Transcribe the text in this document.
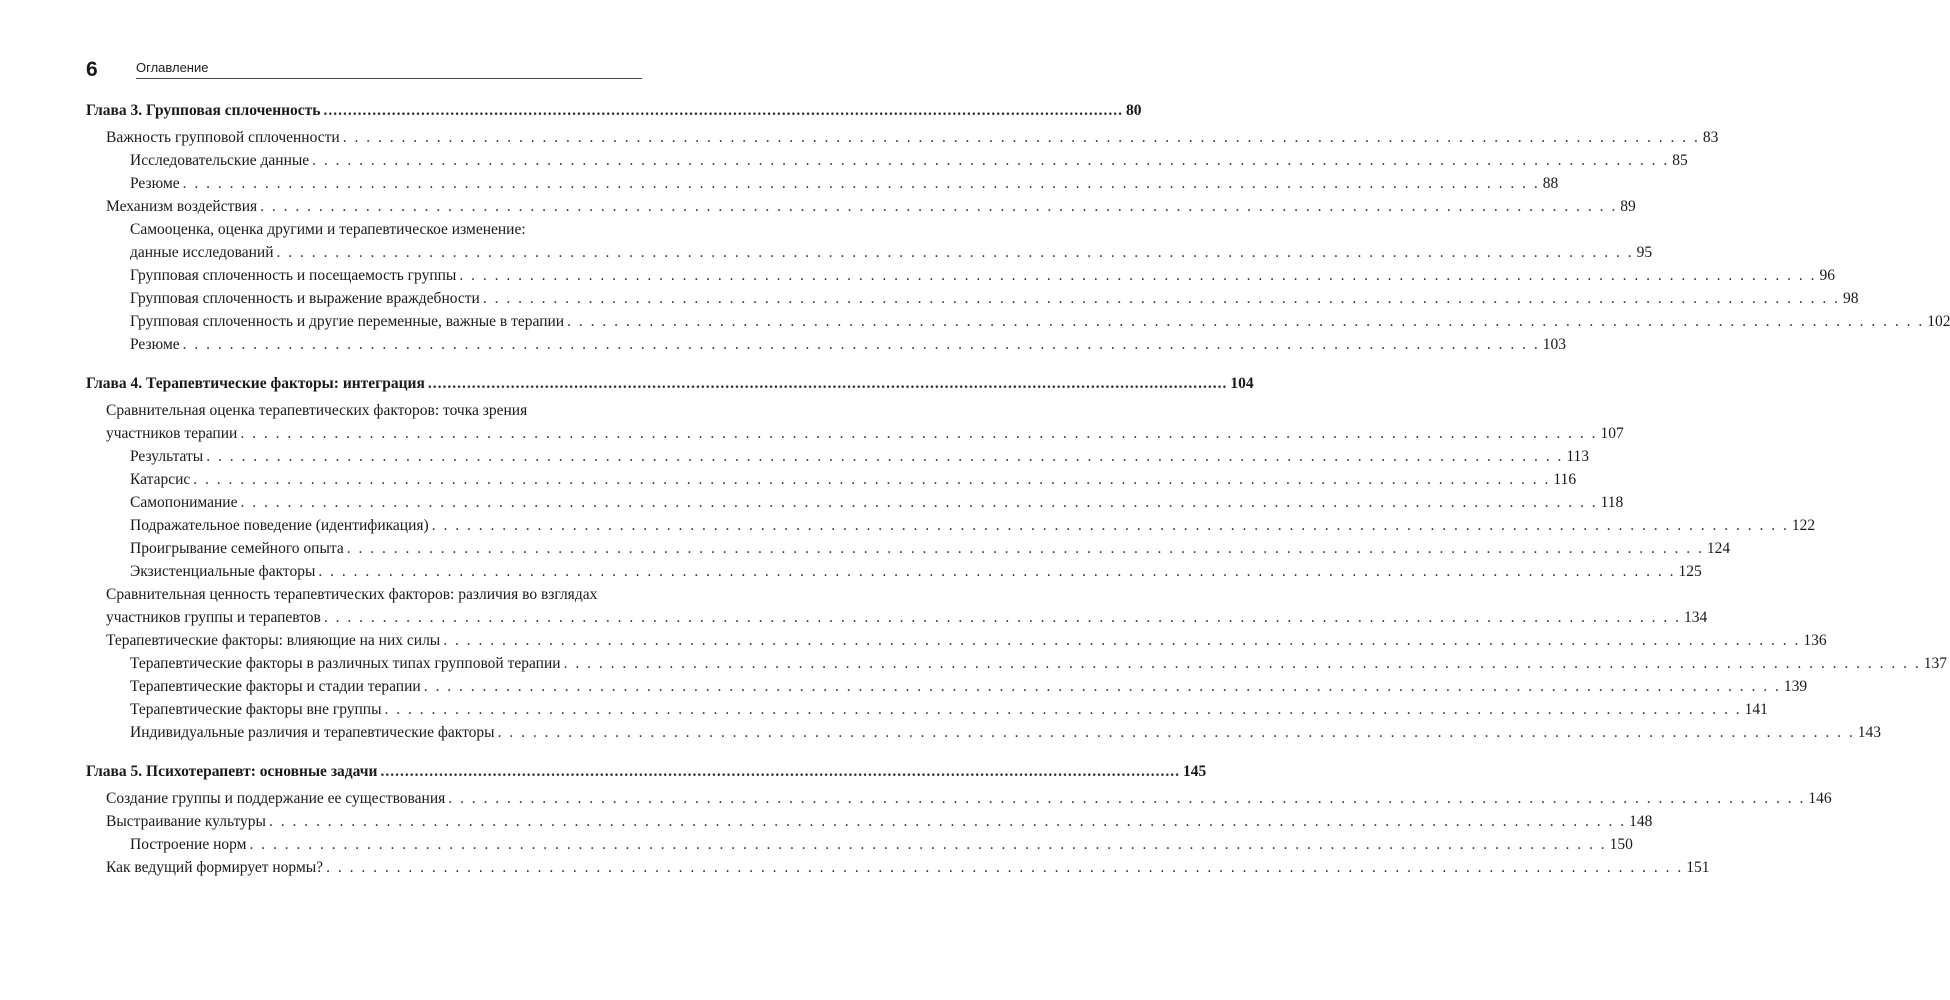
6	Оглавление
Глава 3. Групповая сплоченность .....	80
Важность групповой сплоченности . . .	83
Исследовательские данные . . .	85
Резюме . . .	88
Механизм воздействия . . .	89
Самооценка, оценка другими и терапевтическое изменение:
данные исследований . . .	95
Групповая сплоченность и посещаемость группы . . .	96
Групповая сплоченность и выражение враждебности . . .	98
Групповая сплоченность и другие переменные, важные в терапии . . .	102
Резюме . . .	103
Глава 4. Терапевтические факторы: интеграция .....	104
Сравнительная оценка терапевтических факторов: точка зрения
участников терапии . . .	107
Результаты . . .	113
Катарсис . . .	116
Самопонимание . . .	118
Подражательное поведение (идентификация) . . .	122
Проигрывание семейного опыта . . .	124
Экзистенциальные факторы . . .	125
Сравнительная ценность терапевтических факторов: различия во взглядах
участников группы и терапевтов . . .	134
Терапевтические факторы: влияющие на них силы . . .	136
Терапевтические факторы в различных типах групповой терапии . . .	137
Терапевтические факторы и стадии терапии . . .	139
Терапевтические факторы вне группы . . .	141
Индивидуальные различия и терапевтические факторы . . .	143
Глава 5. Психотерапевт: основные задачи .....	145
Создание группы и поддержание ее существования . . .	146
Выстраивание культуры . . .	148
Построение норм . . .	150
Как ведущий формирует нормы? . . .	151
